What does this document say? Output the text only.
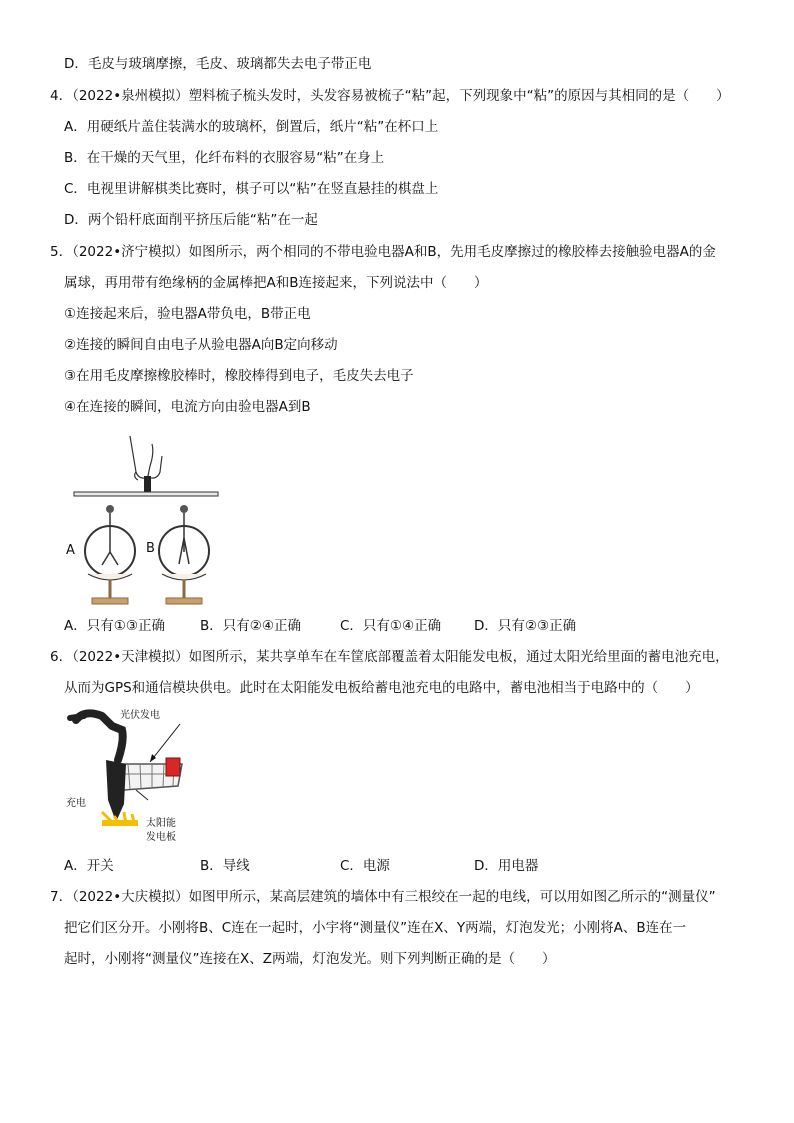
D．毛皮与玻璃摩擦，毛皮、玻璃都失去电子带正电
4．（2022•泉州模拟）塑料梳子梳头发时，头发容易被梳子“粘”起，下列现象中“粘”的原因与其相同的是（　　）
A．用硬纸片盖住装满水的玻璃杯，倒置后，纸片“粘”在杯口上
B．在干燥的天气里，化纤布料的衣服容易“粘”在身上
C．电视里讲解棋类比赛时，棋子可以“粘”在竖直悬挂的棋盘上
D．两个铅杆底面削平挤压后能“粘”在一起
5．（2022•济宁模拟）如图所示，两个相同的不带电验电器A和B，先用毛皮摩擦过的橡胶棒去接触验电器A的金
属球，再用带有绝缘柄的金属棒把A和B连接起来，下列说法中（　　）
①连接起来后，验电器A带负电，B带正电
②连接的瞬间自由电子从验电器A向B定向移动
③在用毛皮摩擦橡胶棒时，橡胶棒得到电子，毛皮失去电子
④在连接的瞬间，电流方向由验电器A到B
A	B
A．只有①③正确	B．只有②④正确	C．只有①④正确 D．只有②③正确
6．（2022•天津模拟）如图所示，某共享单车在车筐底部覆盖着太阳能发电板，通过太阳光给里面的蓄电池充电，
从而为GPS和通信模块供电。此时在太阳能发电板给蓄电池充电的电路中，蓄电池相当于电路中的（　　）
光伏发电
充电
太阳能
发电板
A．开关	B．导线	C．电源	D．用电器
7．（2022•大庆模拟）如图甲所示，某高层建筑的墙体中有三根绞在一起的电线，可以用如图乙所示的“测量仪”
把它们区分开。小刚将B、C连在一起时，小宇将“测量仪”连在X、Y两端，灯泡发光；小刚将A、B连在一
起时，小刚将“测量仪”连接在X、Z两端，灯泡发光。则下列判断正确的是（　　）
